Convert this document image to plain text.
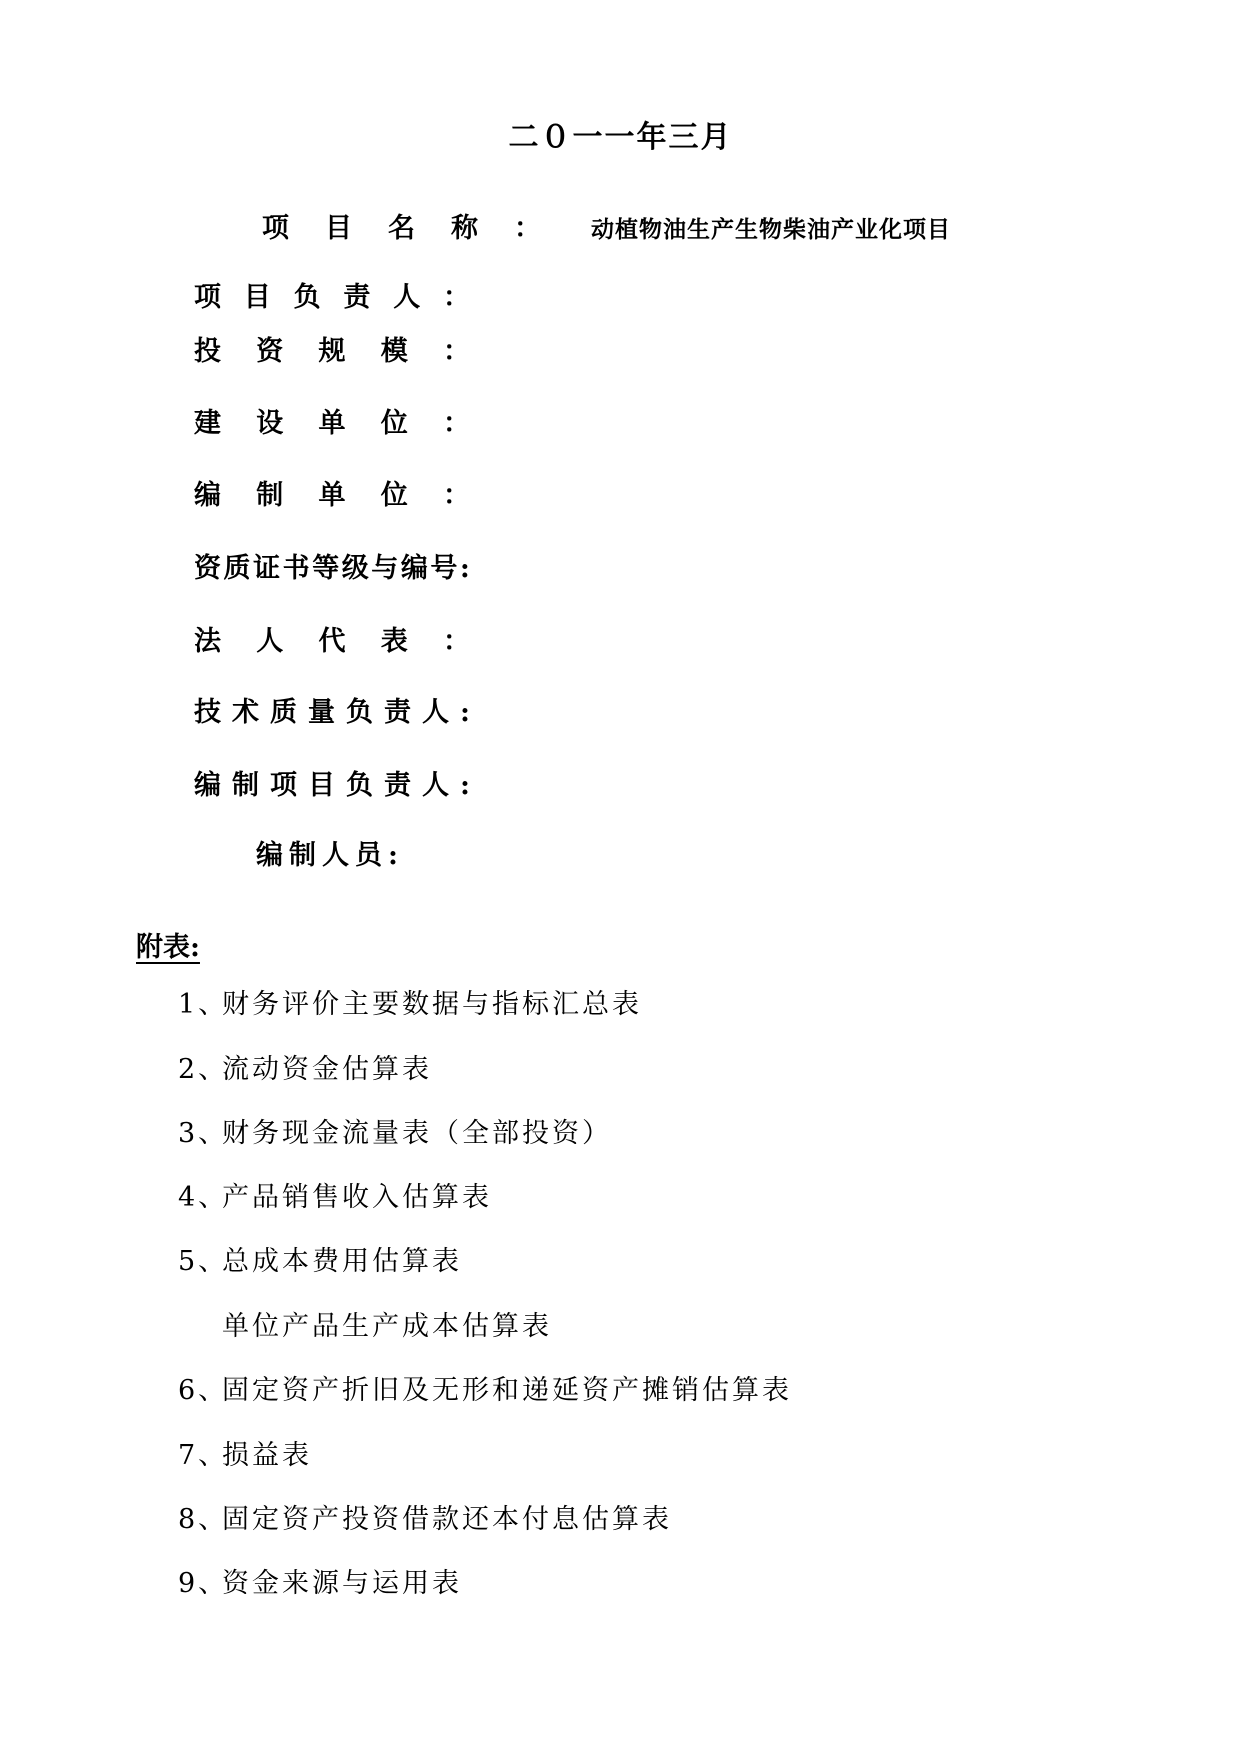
二０一一年三月
项目名称： 动植物油生产生物柴油产业化项目
项 目 负 责 人 ：
投 资 规 模 ：
建 设 单 位 ：
编 制 单 位 ：
资 质 证 书 等 级 与 编 号 :
法 人 代 表 ：
技 术 质 量 负 责 人 :
编 制 项 目 负 责 人 :
编制人员:
附表:
1、财务评价主要数据与指标汇总表
2、流动资金估算表
3、财务现金流量表（全部投资）
4、产品销售收入估算表
5、总成本费用估算表
单位产品生产成本估算表
6、固定资产折旧及无形和递延资产摊销估算表
7、损益表
8、固定资产投资借款还本付息估算表
9、资金来源与运用表
